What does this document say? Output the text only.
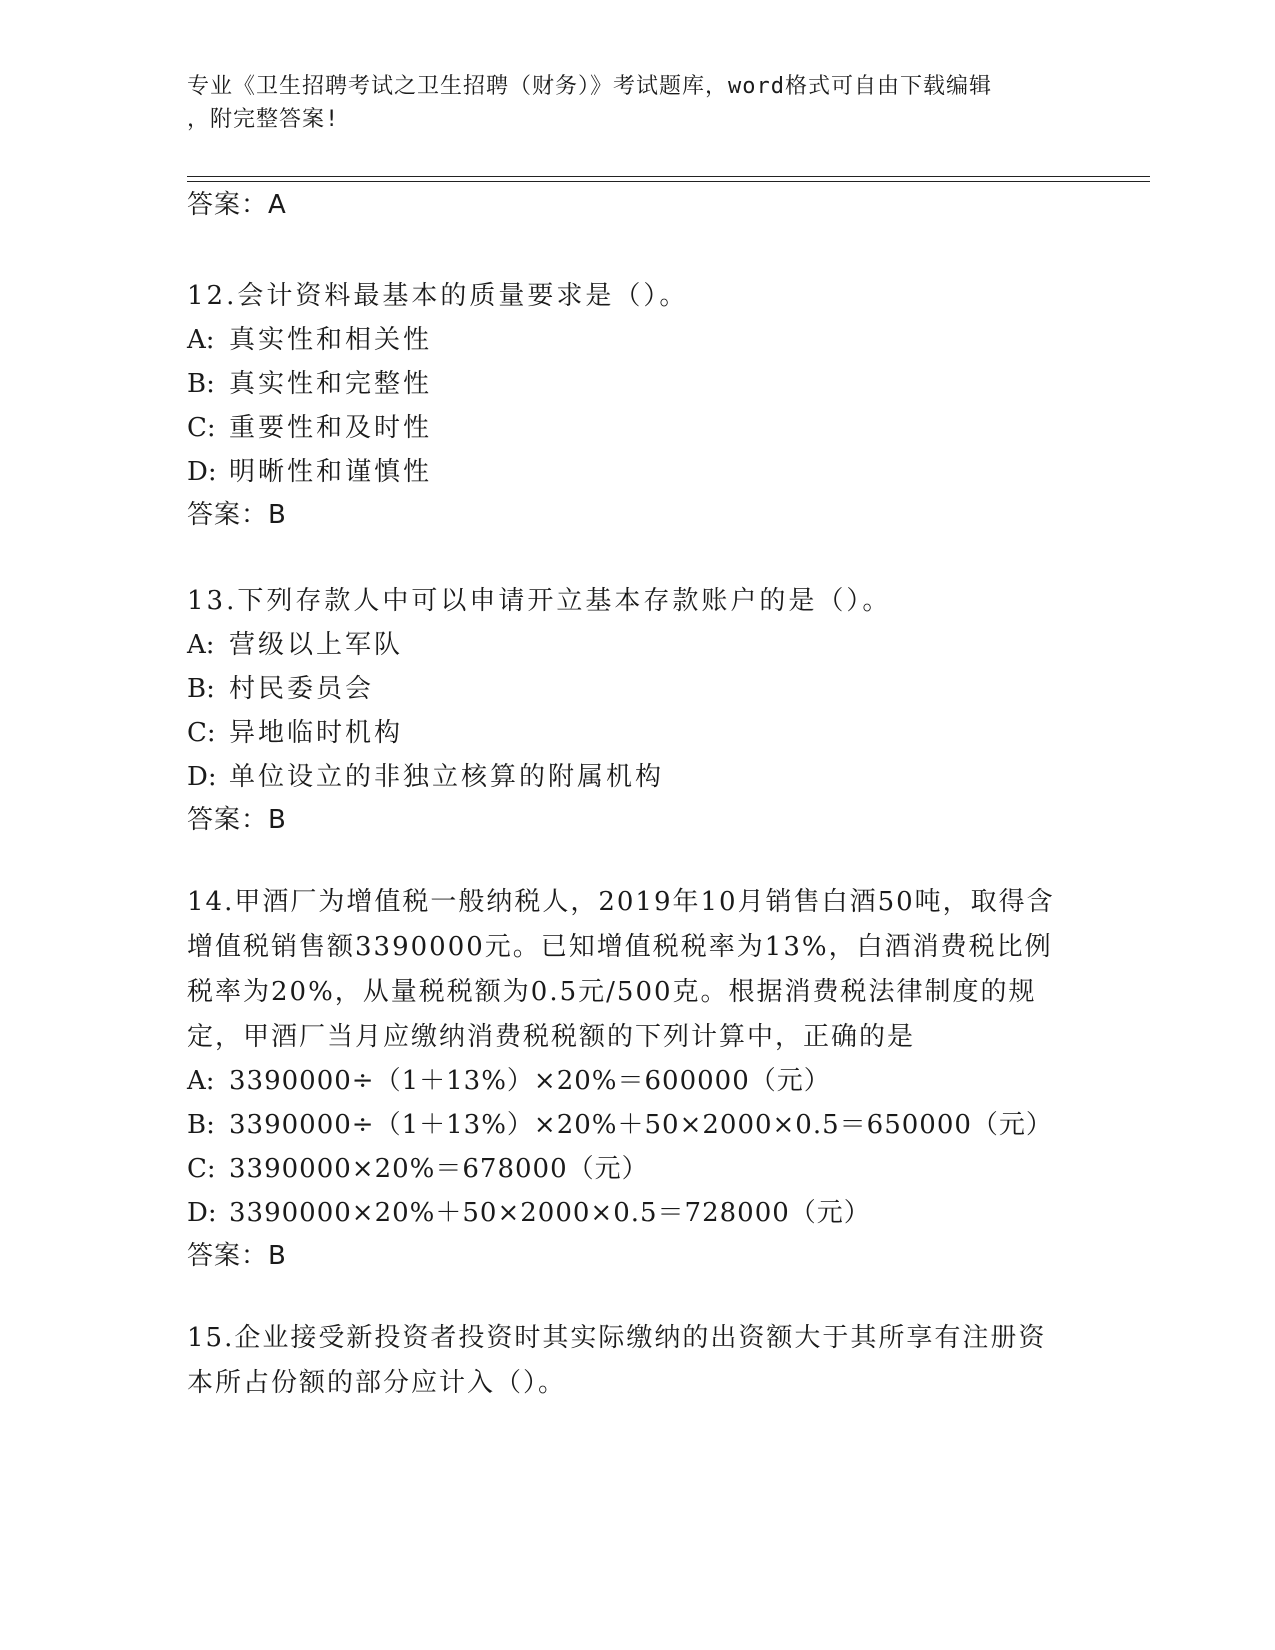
专业《卫生招聘考试之卫生招聘（财务）》考试题库，word格式可自由下载编辑
，附完整答案!
答案：A
12.会计资料最基本的质量要求是（）。
A: 真实性和相关性
B: 真实性和完整性
C: 重要性和及时性
D: 明晰性和谨慎性
答案：B
13.下列存款人中可以申请开立基本存款账户的是（）。
A: 营级以上军队
B: 村民委员会
C: 异地临时机构
D: 单位设立的非独立核算的附属机构
答案：B
14.甲酒厂为增值税一般纳税人，2019年10月销售白酒50吨，取得含
增值税销售额3390000元。已知增值税税率为13%，白酒消费税比例
税率为20%，从量税税额为0.5元/500克。根据消费税法律制度的规
定，甲酒厂当月应缴纳消费税税额的下列计算中，正确的是
A: 3390000÷（1＋13%）×20%＝600000（元）
B: 3390000÷（1＋13%）×20%＋50×2000×0.5＝650000（元）
C: 3390000×20%＝678000（元）
D: 3390000×20%＋50×2000×0.5＝728000（元）
答案：B
15.企业接受新投资者投资时其实际缴纳的出资额大于其所享有注册资
本所占份额的部分应计入（）。
